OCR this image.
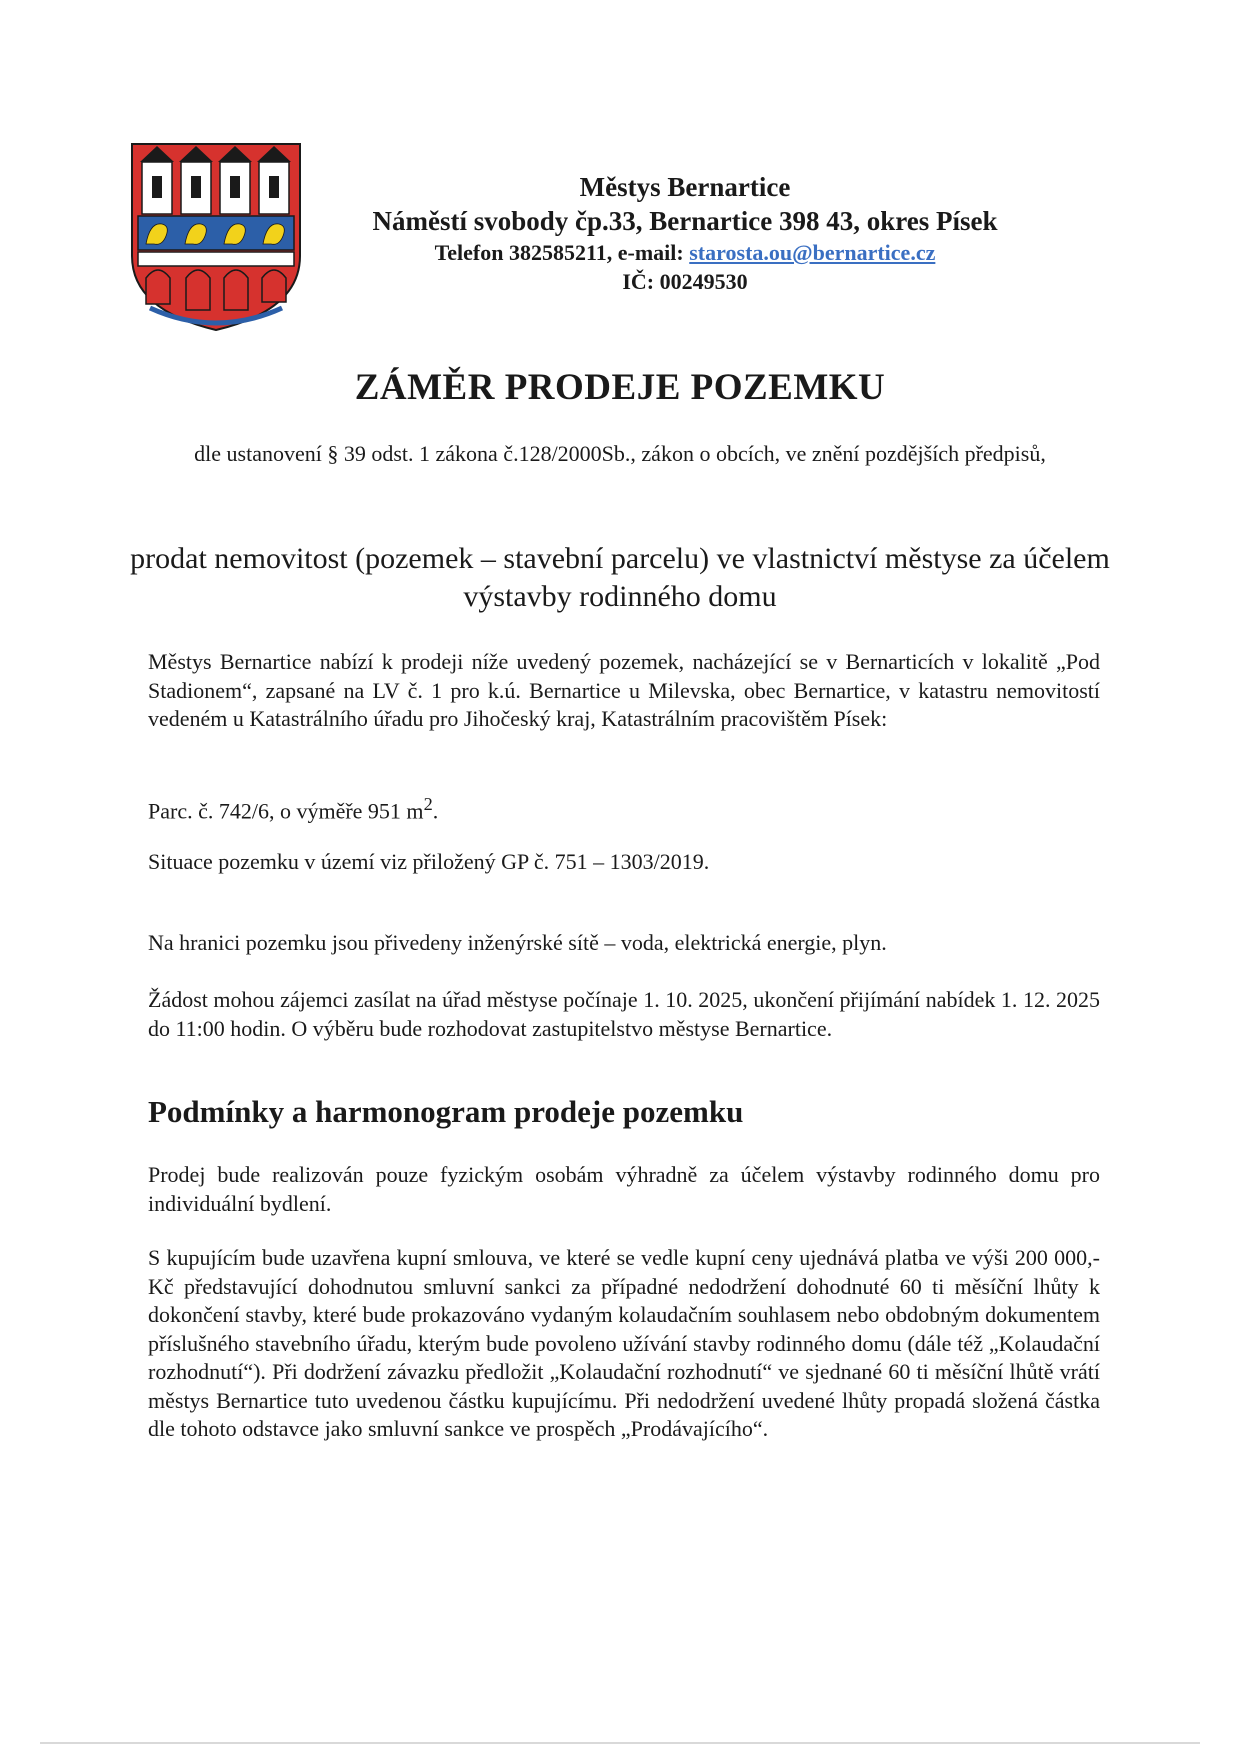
Městys Bernartice
Náměstí svobody čp.33, Bernartice 398 43, okres Písek
Telefon 382585211, e-mail: starosta.ou@bernartice.cz
IČ: 00249530
ZÁMĚR PRODEJE POZEMKU
dle ustanovení § 39 odst. 1 zákona č.128/2000Sb., zákon o obcích, ve znění pozdějších předpisů,
prodat nemovitost (pozemek – stavební parcelu) ve vlastnictví městyse za účelem výstavby rodinného domu
Městys Bernartice nabízí k prodeji níže uvedený pozemek, nacházející se v Bernarticích v lokalitě „Pod Stadionem“, zapsané na LV č. 1 pro k.ú. Bernartice u Milevska, obec Bernartice, v katastru nemovitostí vedeném u Katastrálního úřadu pro Jihočeský kraj, Katastrálním pracovištěm Písek:
Parc. č. 742/6, o výměře 951 $m^2$.
Situace pozemku v území viz přiložený GP č. 751 – 1303/2019.
Na hranici pozemku jsou přivedeny inženýrské sítě – voda, elektrická energie, plyn.
Žádost mohou zájemci zasílat na úřad městyse počínaje 1. 10. 2025, ukončení přijímání nabídek 1. 12. 2025 do 11:00 hodin. O výběru bude rozhodovat zastupitelstvo městyse Bernartice.
Podmínky a harmonogram prodeje pozemku
Prodej bude realizován pouze fyzickým osobám výhradně za účelem výstavby rodinného domu pro individuální bydlení.
S kupujícím bude uzavřena kupní smlouva, ve které se vedle kupní ceny ujednává platba ve výši 200 000,- Kč představující dohodnutou smluvní sankci za případné nedodržení dohodnuté 60 ti měsíční lhůty k dokončení stavby, které bude prokazováno vydaným kolaudačním souhlasem nebo obdobným dokumentem příslušného stavebního úřadu, kterým bude povoleno užívání stavby rodinného domu (dále též „Kolaudační rozhodnutí“). Při dodržení závazku předložit „Kolaudační rozhodnutí“ ve sjednané 60 ti měsíční lhůtě vrátí městys Bernartice tuto uvedenou částku kupujícímu. Při nedodržení uvedené lhůty propadá složená částka dle tohoto odstavce jako smluvní sankce ve prospěch „Prodávajícího“.
